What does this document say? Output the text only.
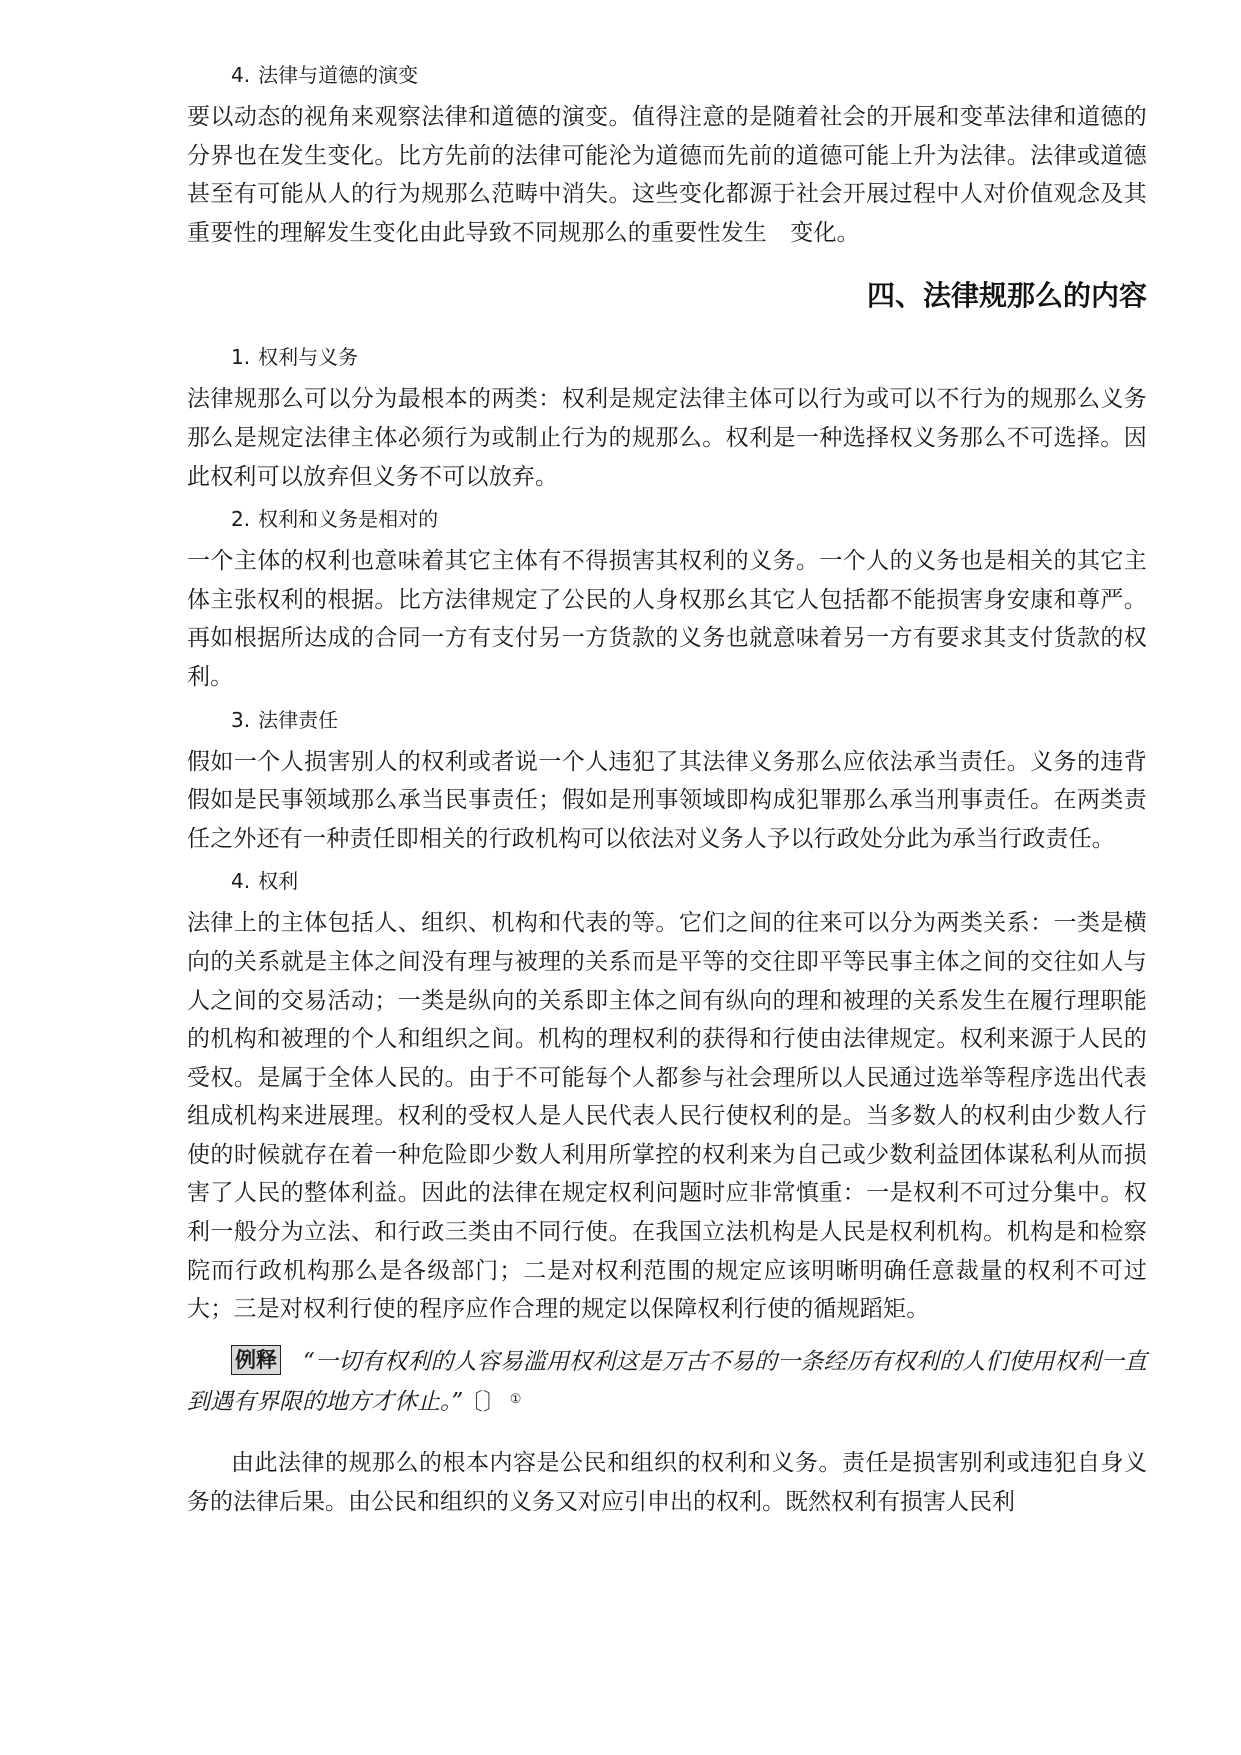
4. 法律与道德的演变

要以动态的视角来观察法律和道德的演变。值得注意的是随着社会的开展和变革法律和道德的分界也在发生变化。比方先前的法律可能沦为道德而先前的道德可能上升为法律。法律或道德甚至有可能从人的行为规那么范畴中消失。这些变化都源于社会开展过程中人对价值观念及其重要性的理解发生变化由此导致不同规那么的重要性发生　变化。

四、法律规那么的内容

1. 权利与义务

法律规那么可以分为最根本的两类：权利是规定法律主体可以行为或可以不行为的规那么义务那么是规定法律主体必须行为或制止行为的规那么。权利是一种选择权义务那么不可选择。因此权利可以放弃但义务不可以放弃。

2. 权利和义务是相对的

一个主体的权利也意味着其它主体有不得损害其权利的义务。一个人的义务也是相关的其它主体主张权利的根据。比方法律规定了公民的人身权那幺其它人包括都不能损害身安康和尊严。再如根据所达成的合同一方有支付另一方货款的义务也就意味着另一方有要求其支付货款的权利。

3. 法律责任

假如一个人损害别人的权利或者说一个人违犯了其法律义务那么应依法承当责任。义务的违背假如是民事领域那么承当民事责任；假如是刑事领域即构成犯罪那么承当刑事责任。在两类责任之外还有一种责任即相关的行政机构可以依法对义务人予以行政处分此为承当行政责任。

4. 权利

法律上的主体包括人、组织、机构和代表的等。它们之间的往来可以分为两类关系：一类是横向的关系就是主体之间没有理与被理的关系而是平等的交往即平等民事主体之间的交往如人与人之间的交易活动；一类是纵向的关系即主体之间有纵向的理和被理的关系发生在履行理职能的机构和被理的个人和组织之间。机构的理权利的获得和行使由法律规定。权利来源于人民的受权。是属于全体人民的。由于不可能每个人都参与社会理所以人民通过选举等程序选出代表组成机构来进展理。权利的受权人是人民代表人民行使权利的是。当多数人的权利由少数人行使的时候就存在着一种危险即少数人利用所掌控的权利来为自己或少数利益团体谋私利从而损害了人民的整体利益。因此的法律在规定权利问题时应非常慎重：一是权利不可过分集中。权利一般分为立法、和行政三类由不同行使。在我国立法机构是人民是权利机构。机构是和检察院而行政机构那么是各级部门；二是对权利范围的规定应该明晰明确任意裁量的权利不可过大；三是对权利行使的程序应作合理的规定以保障权利行使的循规蹈矩。

例释 “一切有权利的人容易滥用权利这是万古不易的一条经历有权利的人们使用权利一直到遇有界限的地方才休止。” 〔〕 ①

由此法律的规那么的根本内容是公民和组织的权利和义务。责任是损害别利或违犯自身义务的法律后果。由公民和组织的义务又对应引申出的权利。既然权利有损害人民利
